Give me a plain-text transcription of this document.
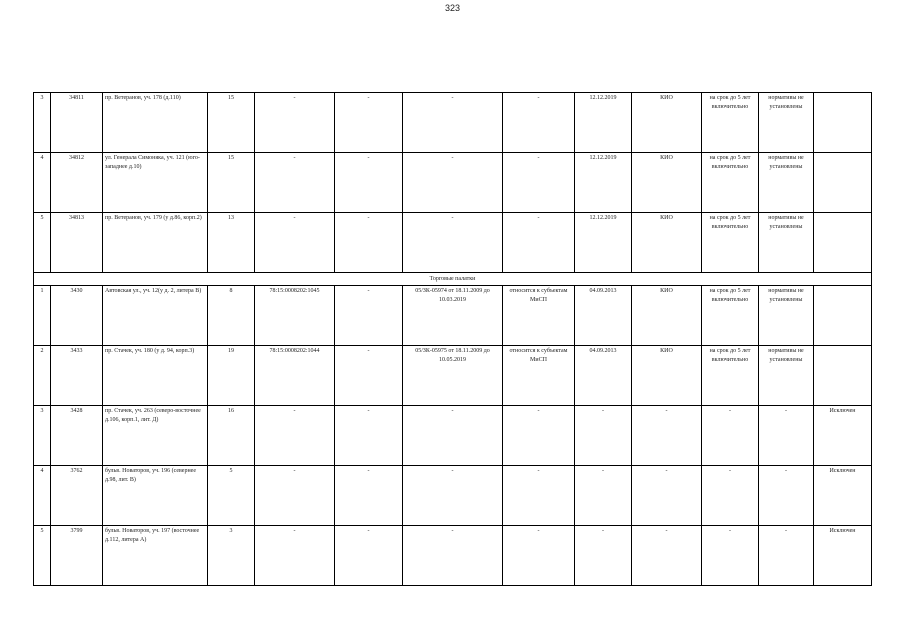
323
3	34811	пр. Ветеранов, уч. 178 (д.110)	15	-	-	-	-	12.12.2019	КИО	на срок до 5 лет включительно	нормативы не установлены	
4	34812	ул. Генерала Симоняка, уч. 121 (юго-западнее д.10)	15	-	-	-	-	12.12.2019	КИО	на срок до 5 лет включительно	нормативы не установлены	
5	34813	пр. Ветеранов, уч. 179 (у д.86, корп.2)	13	-	-	-	-	12.12.2019	КИО	на срок до 5 лет включительно	нормативы не установлены	
Торговые палатки												
1	3430	Автовская ул., уч. 12(у д. 2, литера В)	8	78:15:0008202:1045	-	05/ЗК-05974 от 18.11.2009 до 10.03.2019	относится к субъектам МиСП	04.09.2013	КИО	на срок до 5 лет включительно	нормативы не установлены	
2	3433	пр. Стачек, уч. 180 (у д. 94, корп.3)	19	78:15:0008202:1044	-	05/ЗК-05975 от 18.11.2009 до 10.05.2019	относится к субъектам МиСП	04.09.2013	КИО	на срок до 5 лет включительно	нормативы не установлены	
3	3428	пр. Стачек, уч. 263 (северо-восточнее д.106, корп.1, лит. Д)	16	-	-	-	-	-	-	-	-	Исключен
4	3762	бульв. Новаторов, уч. 196 (севернее д.98, лит. В)	5	-	-	-	-	-	-	-	-	Исключен
5	3799	бульв. Новаторов, уч. 197 (восточнее д.112, литера А)	3	-	-	-	-	-	-	-	-	Исключен
